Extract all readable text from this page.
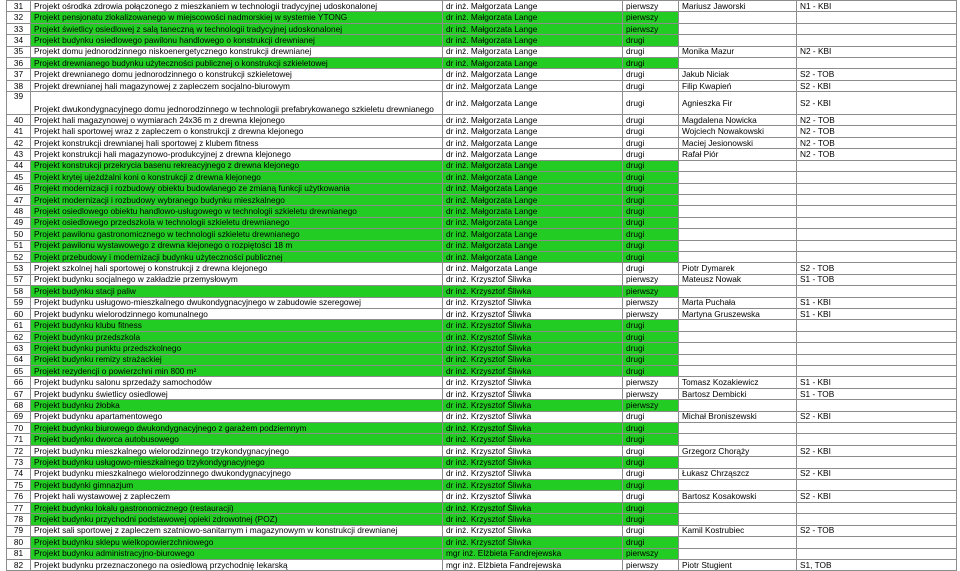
31	Projekt ośrodka zdrowia połączonego z mieszkaniem w technologii tradycyjnej udoskonalonej	dr inż. Małgorzata Lange	pierwszy	Mariusz Jaworski	N1 - KBI
32	Projekt pensjonatu zlokalizowanego w miejscowości nadmorskiej w systemie YTONG	dr inż. Małgorzata Lange	pierwszy		
33	Projekt świetlicy osiedlowej z salą taneczną w technologii tradycyjnej udoskonalonej	dr inż. Małgorzata Lange	pierwszy		
34	Projekt budynku osiedlowego pawilonu handlowego o konstrukcji drewnianej	dr inż. Małgorzata Lange	drugi		
35	Projekt domu jednorodzinnego niskoenergetycznego konstrukcji drewnianej	dr inż. Małgorzata Lange	drugi	Monika Mazur	N2 - KBI
36	Projekt drewnianego budynku użyteczności publicznej o konstrukcji szkieletowej	dr inż. Małgorzata Lange	drugi		
37	Projekt drewnianego domu jednorodzinnego o konstrukcji szkieletowej	dr inż. Małgorzata Lange	drugi	Jakub Niciak	S2 - TOB
38	Projekt drewnianej hali magazynowej z zapleczem socjalno-biurowym	dr inż. Małgorzata Lange	drugi	Filip Kwapień	S2 - KBI
39	Projekt dwukondygnacyjnego domu jednorodzinnego w technologii prefabrykowanego szkieletu drewnianego	dr inż. Małgorzata Lange	drugi	Agnieszka Fir	S2 - KBI
40	Projekt hali magazynowej o wymiarach 24x36 m z drewna klejonego	dr inż. Małgorzata Lange	drugi	Magdalena Nowicka	N2 - TOB
41	Projekt hali sportowej wraz z zapleczem o konstrukcji z drewna klejonego	dr inż. Małgorzata Lange	drugi	Wojciech Nowakowski	N2 - TOB
42	Projekt konstrukcji drewnianej hali sportowej z klubem fitness	dr inż. Małgorzata Lange	drugi	Maciej Jesionowski	N2 - TOB
43	Projekt konstrukcji hali magazynowo-produkcyjnej z drewna klejonego	dr inż. Małgorzata Lange	drugi	Rafał Piór	N2 - TOB
44	Projekt konstrukcji przekrycia basenu rekreacyjnego z drewna klejonego	dr inż. Małgorzata Lange	drugi		
45	Projekt krytej ujeżdżalni koni o konstrukcji z drewna klejonego	dr inż. Małgorzata Lange	drugi		
46	Projekt modernizacji i rozbudowy obiektu budowlanego ze zmianą funkcji użytkowania	dr inż. Małgorzata Lange	drugi		
47	Projekt modernizacji i rozbudowy wybranego budynku mieszkalnego	dr inż. Małgorzata Lange	drugi		
48	Projekt osiedlowego obiektu handlowo-usługowego w technologii szkieletu drewnianego	dr inż. Małgorzata Lange	drugi		
49	Projekt osiedlowego przedszkola w technologii szkieletu drewnianego	dr inż. Małgorzata Lange	drugi		
50	Projekt pawilonu gastronomicznego w technologii szkieletu drewnianego	dr inż. Małgorzata Lange	drugi		
51	Projekt pawilonu wystawowego z drewna klejonego o rozpiętości 18 m	dr inż. Małgorzata Lange	drugi		
52	Projekt przebudowy i modernizacji budynku użyteczności publicznej	dr inż. Małgorzata Lange	drugi		
53	Projekt szkolnej hali sportowej o konstrukcji z drewna klejonego	dr inż. Małgorzata Lange	drugi	Piotr Dymarek	S2 - TOB
57	Projekt budynku socjalnego w zakładzie przemysłowym	dr inż. Krzysztof Śliwka	pierwszy	Mateusz Nowak	S1 - TOB
58	Projekt budynku stacji paliw	dr inż. Krzysztof Śliwka	pierwszy		
59	Projekt budynku usługowo-mieszkalnego dwukondygnacyjnego w zabudowie szeregowej	dr inż. Krzysztof Śliwka	pierwszy	Marta Puchała	S1 - KBI
60	Projekt budynku wielorodzinnego komunalnego	dr inż. Krzysztof Śliwka	pierwszy	Martyna Gruszewska	S1 - KBI
61	Projekt budynku klubu fitness	dr inż. Krzysztof Śliwka	drugi		
62	Projekt budynku przedszkola	dr inż. Krzysztof Śliwka	drugi		
63	Projekt budynku punktu przedszkolnego	dr inż. Krzysztof Śliwka	drugi		
64	Projekt budynku remizy strażackiej	dr inż. Krzysztof Śliwka	drugi		
65	Projekt rezydencji o powierzchni min 800 m²	dr inż. Krzysztof Śliwka	drugi		
66	Projekt budynku salonu sprzedaży samochodów	dr inż. Krzysztof Śliwka	pierwszy	Tomasz Kozakiewicz	S1 - KBI
67	Projekt budynku świetlicy osiedlowej	dr inż. Krzysztof Śliwka	pierwszy	Bartosz Dembicki	S1 - TOB
68	Projekt budynku żłobka	dr inż. Krzysztof Śliwka	pierwszy		
69	Projekt budynku apartamentowego	dr inż. Krzysztof Śliwka	drugi	Michał Broniszewski	S2 - KBI
70	Projekt budynku biurowego dwukondygnacyjnego z garażem podziemnym	dr inż. Krzysztof Śliwka	drugi		
71	Projekt budynku dworca autobusowego	dr inż. Krzysztof Śliwka	drugi		
72	Projekt budynku mieszkalnego wielorodzinnego trzykondygnacyjnego	dr inż. Krzysztof Śliwka	drugi	Grzegorz Chorąży	S2 - KBI
73	Projekt budynku usługowo-mieszkalnego trzykondygnacyjnego	dr inż. Krzysztof Śliwka	drugi		
74	Projekt budynku mieszkalnego wielorodzinnego dwukondygnacyjnego	dr inż. Krzysztof Śliwka	drugi	Łukasz Chrząszcz	S2 - KBI
75	Projekt budynki gimnazjum	dr inż. Krzysztof Śliwka	drugi		
76	Projekt hali wystawowej z zapleczem	dr inż. Krzysztof Śliwka	drugi	Bartosz Kosakowski	S2 - KBI
77	Projekt budynku lokalu gastronomicznego (restauracji)	dr inż. Krzysztof Śliwka	drugi		
78	Projekt budynku przychodni podstawowej opieki zdrowotnej (POZ)	dr inż. Krzysztof Śliwka	drugi		
79	Projekt sali sportowej z zapleczem szatniowo-sanitarnym i magazynowym w konstrukcji drewnianej	dr inż. Krzysztof Śliwka	drugi	Kamil Kostrubiec	S2 - TOB
80	Projekt budynku sklepu wielkopowierzchniowego	dr inż. Krzysztof Śliwka	drugi		
81	Projekt budynku administracyjno-biurowego	mgr inż. Elżbieta Fandrejewska	pierwszy		
82	Projekt budynku przeznaczonego na osiedlową przychodnię lekarską	mgr inż. Elżbieta Fandrejewska	pierwszy	Piotr Stugient	S1, TOB
